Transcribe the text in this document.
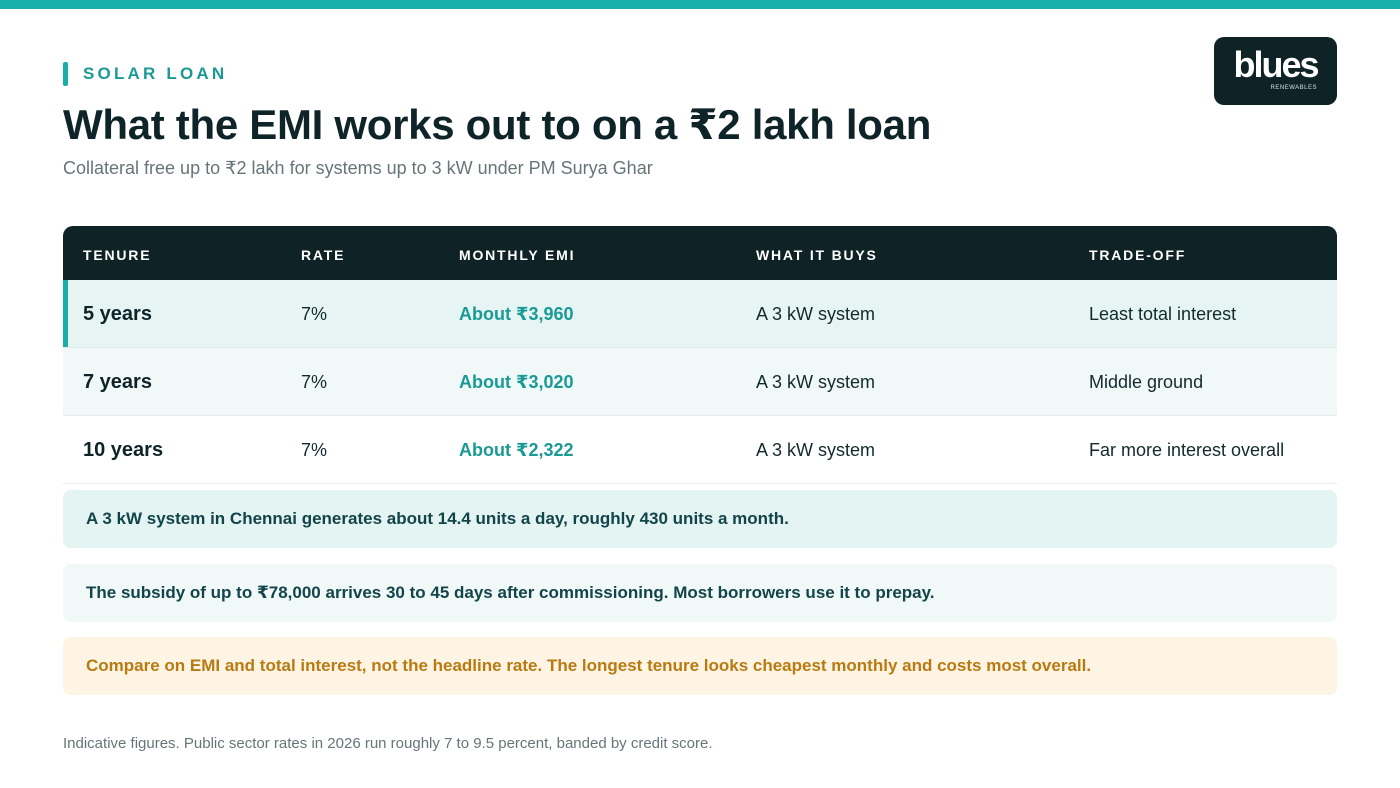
SOLAR LOAN
What the EMI works out to on a ₹2 lakh loan
Collateral free up to ₹2 lakh for systems up to 3 kW under PM Surya Ghar
blues
RENEWABLES
TENURE	RATE	MONTHLY EMI	WHAT IT BUYS	TRADE-OFF
5 years	7%	About ₹3,960	A 3 kW system	Least total interest
7 years	7%	About ₹3,020	A 3 kW system	Middle ground
10 years	7%	About ₹2,322	A 3 kW system	Far more interest overall
A 3 kW system in Chennai generates about 14.4 units a day, roughly 430 units a month.
The subsidy of up to ₹78,000 arrives 30 to 45 days after commissioning. Most borrowers use it to prepay.
Compare on EMI and total interest, not the headline rate. The longest tenure looks cheapest monthly and costs most overall.
Indicative figures. Public sector rates in 2026 run roughly 7 to 9.5 percent, banded by credit score.
